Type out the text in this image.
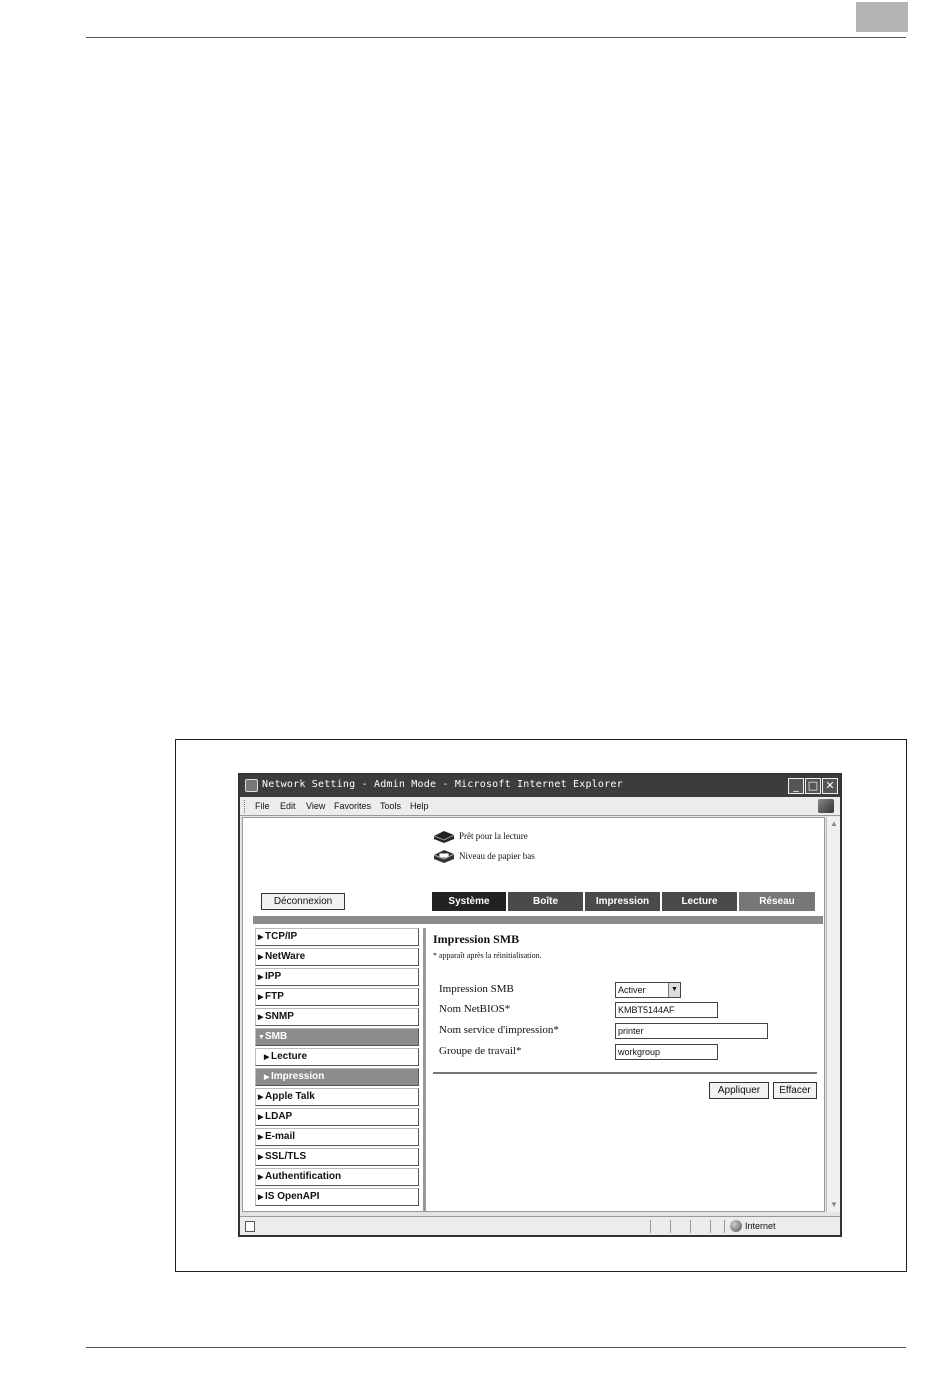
Network Setting - Admin Mode - Microsoft Internet Explorer	_ □ ✕
File Edit View Favorites Tools Help
Prêt pour la lecture
Niveau de papier bas
Déconnexion	Système	Boîte	Impression	Lecture	Réseau
▶ TCP/IP
▶ NetWare
▶ IPP
▶ FTP
▶ SNMP
▼SMB
▶ Lecture
▶ Impression
▶ Apple Talk
▶ LDAP
▶ E-mail
▶ SSL/TLS
▶ Authentification
▶ IS OpenAPI
Impression SMB
* apparaît après la réinitialisation.
Impression SMB	Activer	▼
Nom NetBIOS*	KMBT5144AF
Nom service d'impression*	printer
Groupe de travail*	workgroup
Appliquer	Effacer
▲
▼
Internet
